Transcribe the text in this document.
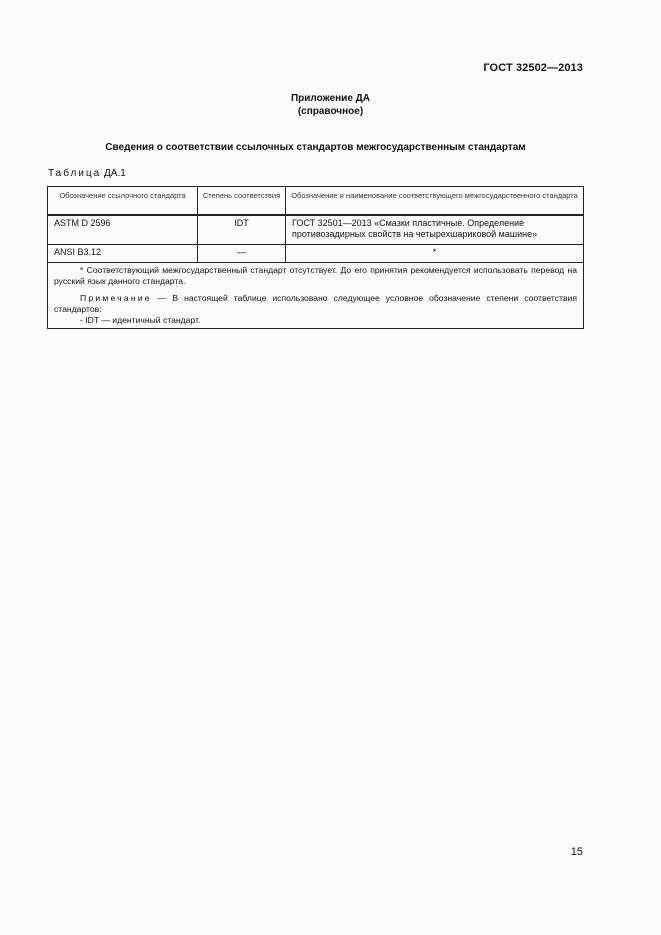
ГОСТ 32502—2013
Приложение ДА
(справочное)
Сведения о соответствии ссылочных стандартов межгосударственным стандартам
Таблица ДА.1
Обозначение ссылочного стандарта	Степень соответствия	Обозначение и наименование соответствующего межгосударственного стандарта
ASTM D 2596	IDT	ГОСТ 32501—2013 «Смазки пластичные. Определение противозадирных свойств на четырехшариковой машине»
ANSI B3.12	—	*

* Соответствующий межгосударственный стандарт отсутствует. До его принятия рекомендуется использовать перевод на русский язык данного стандарта.

Примечание — В настоящей таблице использовано следующее условное обозначение степени соответствия стандартов:

- IDT — идентичный стандарт.		

15
